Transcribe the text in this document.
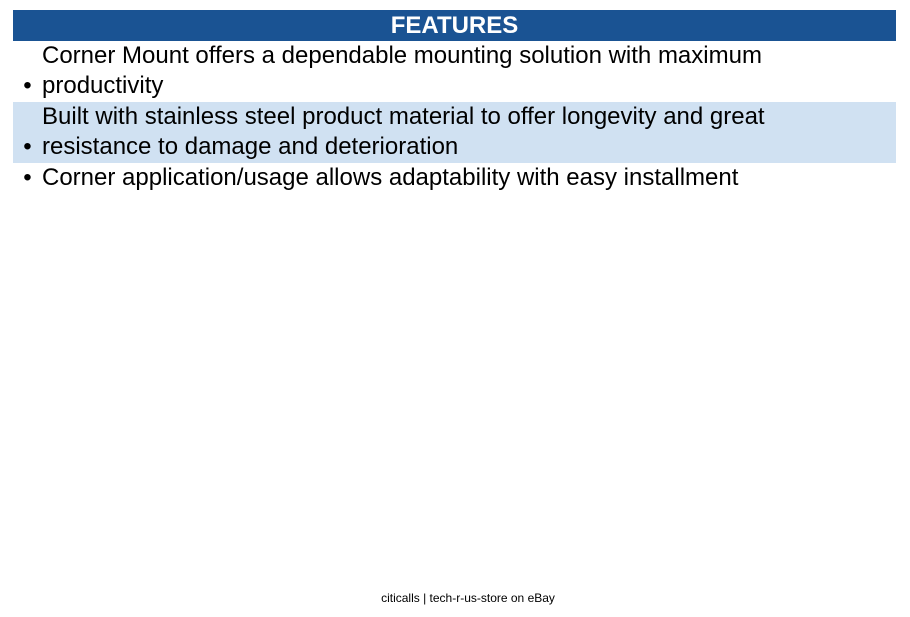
FEATURES
•
Corner Mount offers a dependable mounting solution with maximum productivity
•
Built with stainless steel product material to offer longevity and great resistance to damage and deterioration
• Corner application/usage allows adaptability with easy installment
citicalls | tech-r-us-store on eBay
